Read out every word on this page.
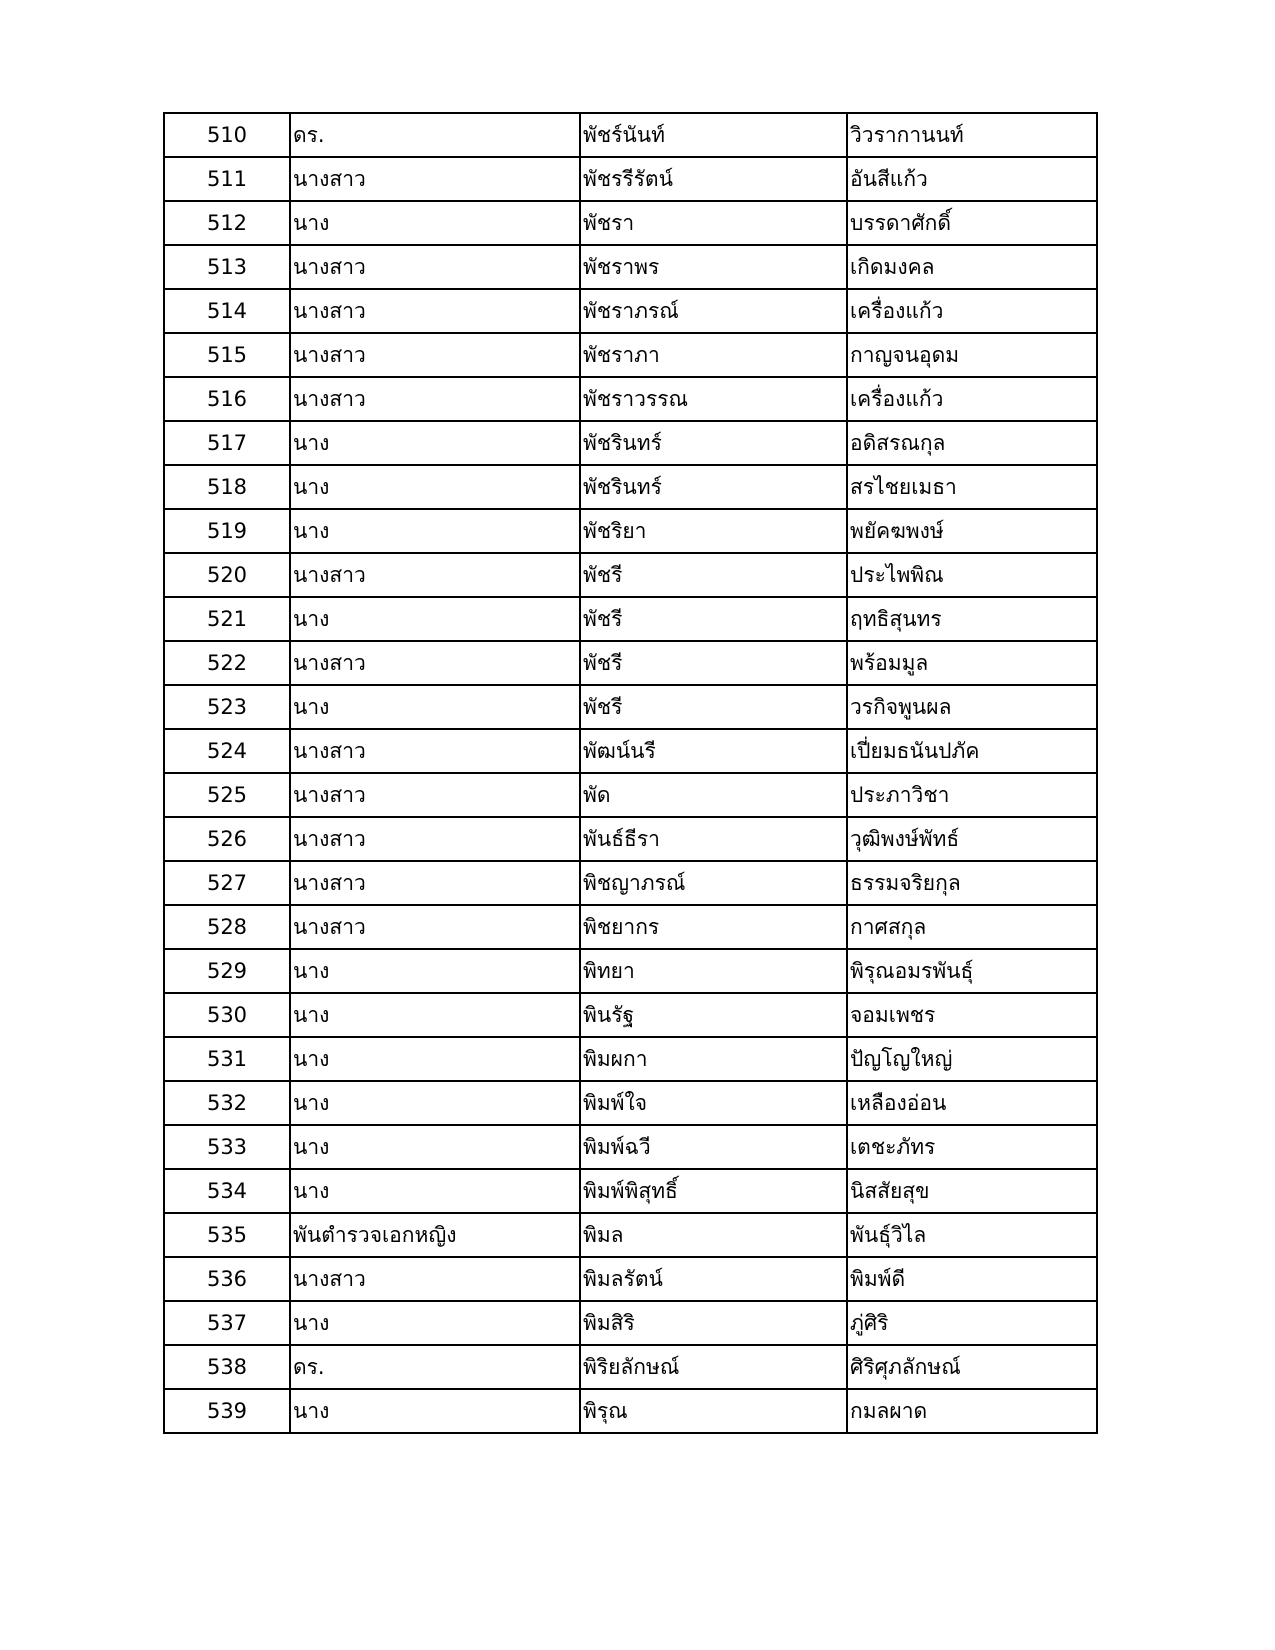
510	ดร.	พัชร์นันท์	วิวรากานนท์
511	นางสาว	พัชรรีรัตน์	อันสีแก้ว
512	นาง	พัชรา	บรรดาศักดิ์
513	นางสาว	พัชราพร	เกิดมงคล
514	นางสาว	พัชราภรณ์	เครื่องแก้ว
515	นางสาว	พัชราภา	กาญจนอุดม
516	นางสาว	พัชราวรรณ	เครื่องแก้ว
517	นาง	พัชรินทร์	อดิสรณกุล
518	นาง	พัชรินทร์	สรไชยเมธา
519	นาง	พัชริยา	พยัคฆพงษ์
520	นางสาว	พัชรี	ประไพพิณ
521	นาง	พัชรี	ฤทธิสุนทร
522	นางสาว	พัชรี	พร้อมมูล
523	นาง	พัชรี	วรกิจพูนผล
524	นางสาว	พัฒน์นรี	เปี่ยมธนันปภัค
525	นางสาว	พัด	ประภาวิชา
526	นางสาว	พันธ์ธีรา	วุฒิพงษ์พัทธ์
527	นางสาว	พิชญาภรณ์	ธรรมจริยกุล
528	นางสาว	พิชยากร	กาศสกุล
529	นาง	พิทยา	พิรุณอมรพันธุ์
530	นาง	พินรัฐ	จอมเพชร
531	นาง	พิมผกา	ปัญโญใหญ่
532	นาง	พิมพ์ใจ	เหลืองอ่อน
533	นาง	พิมพ์ฉวี	เตชะภัทร
534	นาง	พิมพ์พิสุทธิ์	นิสสัยสุข
535	พันตำรวจเอกหญิง	พิมล	พันธุ์วิไล
536	นางสาว	พิมลรัตน์	พิมพ์ดี
537	นาง	พิมสิริ	ภู่ศิริ
538	ดร.	พิริยลักษณ์	ศิริศุภลักษณ์
539	นาง	พิรุณ	กมลผาด
